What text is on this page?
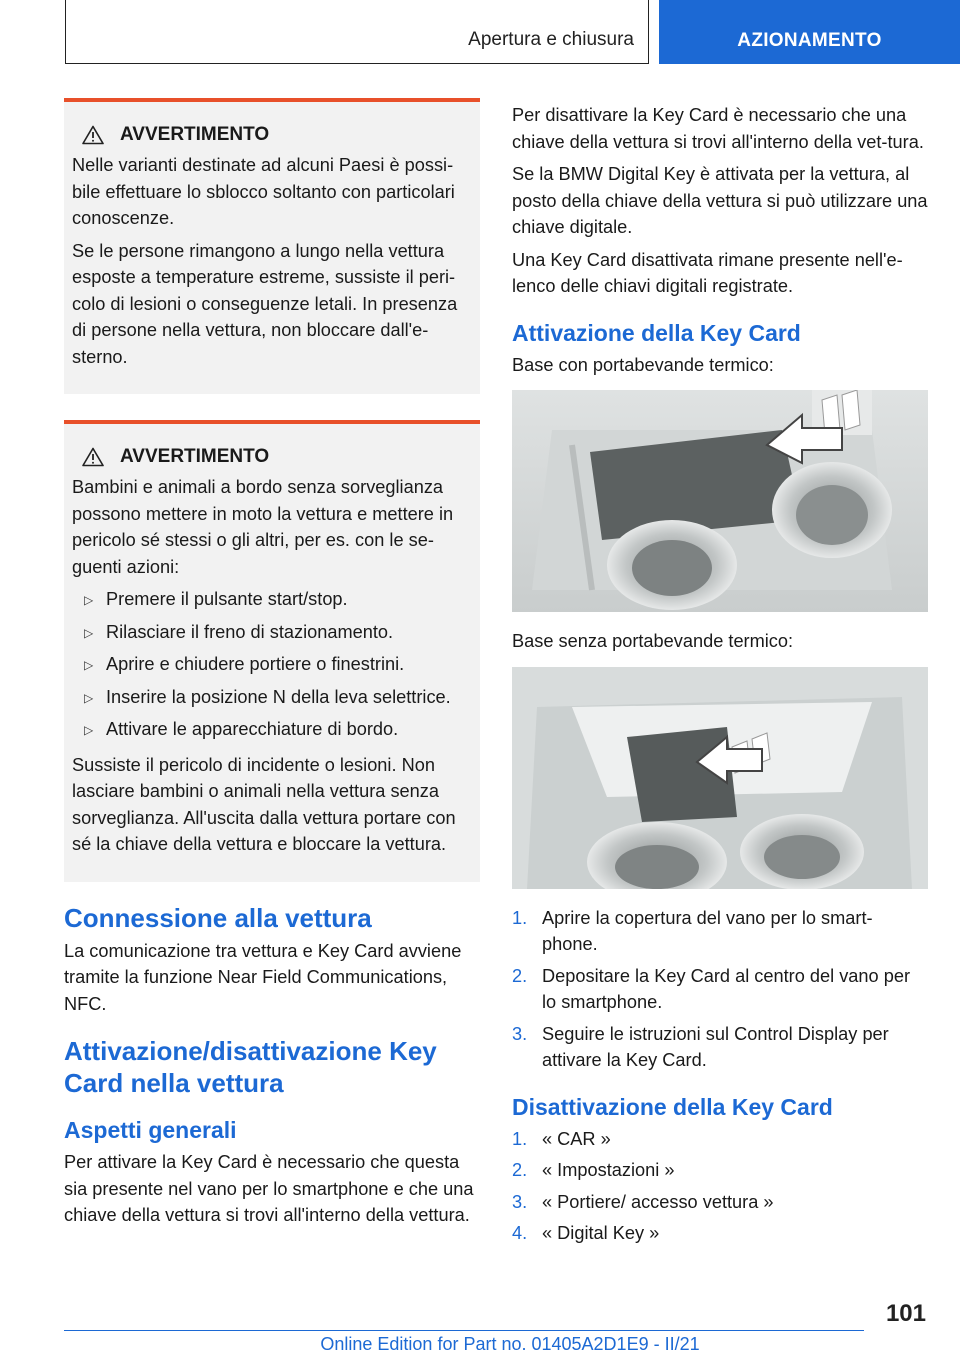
Apertura e chiusura	AZIONAMENTO
AVVERTIMENTO

Nelle varianti destinate ad alcuni Paesi è possi-bile effettuare lo sblocco soltanto con particolari conoscenze.

Se le persone rimangono a lungo nella vettura esposte a temperature estreme, sussiste il peri-colo di lesioni o conseguenze letali. In presenza di persone nella vettura, non bloccare dall'e-sterno.

AVVERTIMENTO

Bambini e animali a bordo senza sorveglianza possono mettere in moto la vettura e mettere in pericolo sé stessi o gli altri, per es. con le se-guenti azioni:

▷ Premere il pulsante start/stop.
▷ Rilasciare il freno di stazionamento.
▷ Aprire e chiudere portiere o finestrini.
▷ Inserire la posizione N della leva selettrice.
▷ Attivare le apparecchiature di bordo.

Sussiste il pericolo di incidente o lesioni. Non lasciare bambini o animali nella vettura senza sorveglianza. All'uscita dalla vettura portare con sé la chiave della vettura e bloccare la vettura.

Connessione alla vettura

La comunicazione tra vettura e Key Card avviene tramite la funzione Near Field Communications, NFC.

Attivazione/disattivazione Key Card nella vettura
Aspetti generali

Per attivare la Key Card è necessario che questa sia presente nel vano per lo smartphone e che una chiave della vettura si trovi all'interno della vettura.

Per disattivare la Key Card è necessario che una chiave della vettura si trovi all'interno della vet-tura.

Se la BMW Digital Key è attivata per la vettura, al posto della chiave della vettura si può utilizzare una chiave digitale.

Una Key Card disattivata rimane presente nell'e-lenco delle chiavi digitali registrate.

Attivazione della Key Card

Base con portabevande termico:

Base senza portabevande termico:

1. Aprire la copertura del vano per lo smart-phone.
2. Depositare la Key Card al centro del vano per lo smartphone.
3. Seguire le istruzioni sul Control Display per attivare la Key Card.
Disattivazione della Key Card
1. « CAR »
2. « Impostazioni »
3. « Portiere/ accesso vettura »
4. « Digital Key »
101
Online Edition for Part no. 01405A2D1E9 - II/21
